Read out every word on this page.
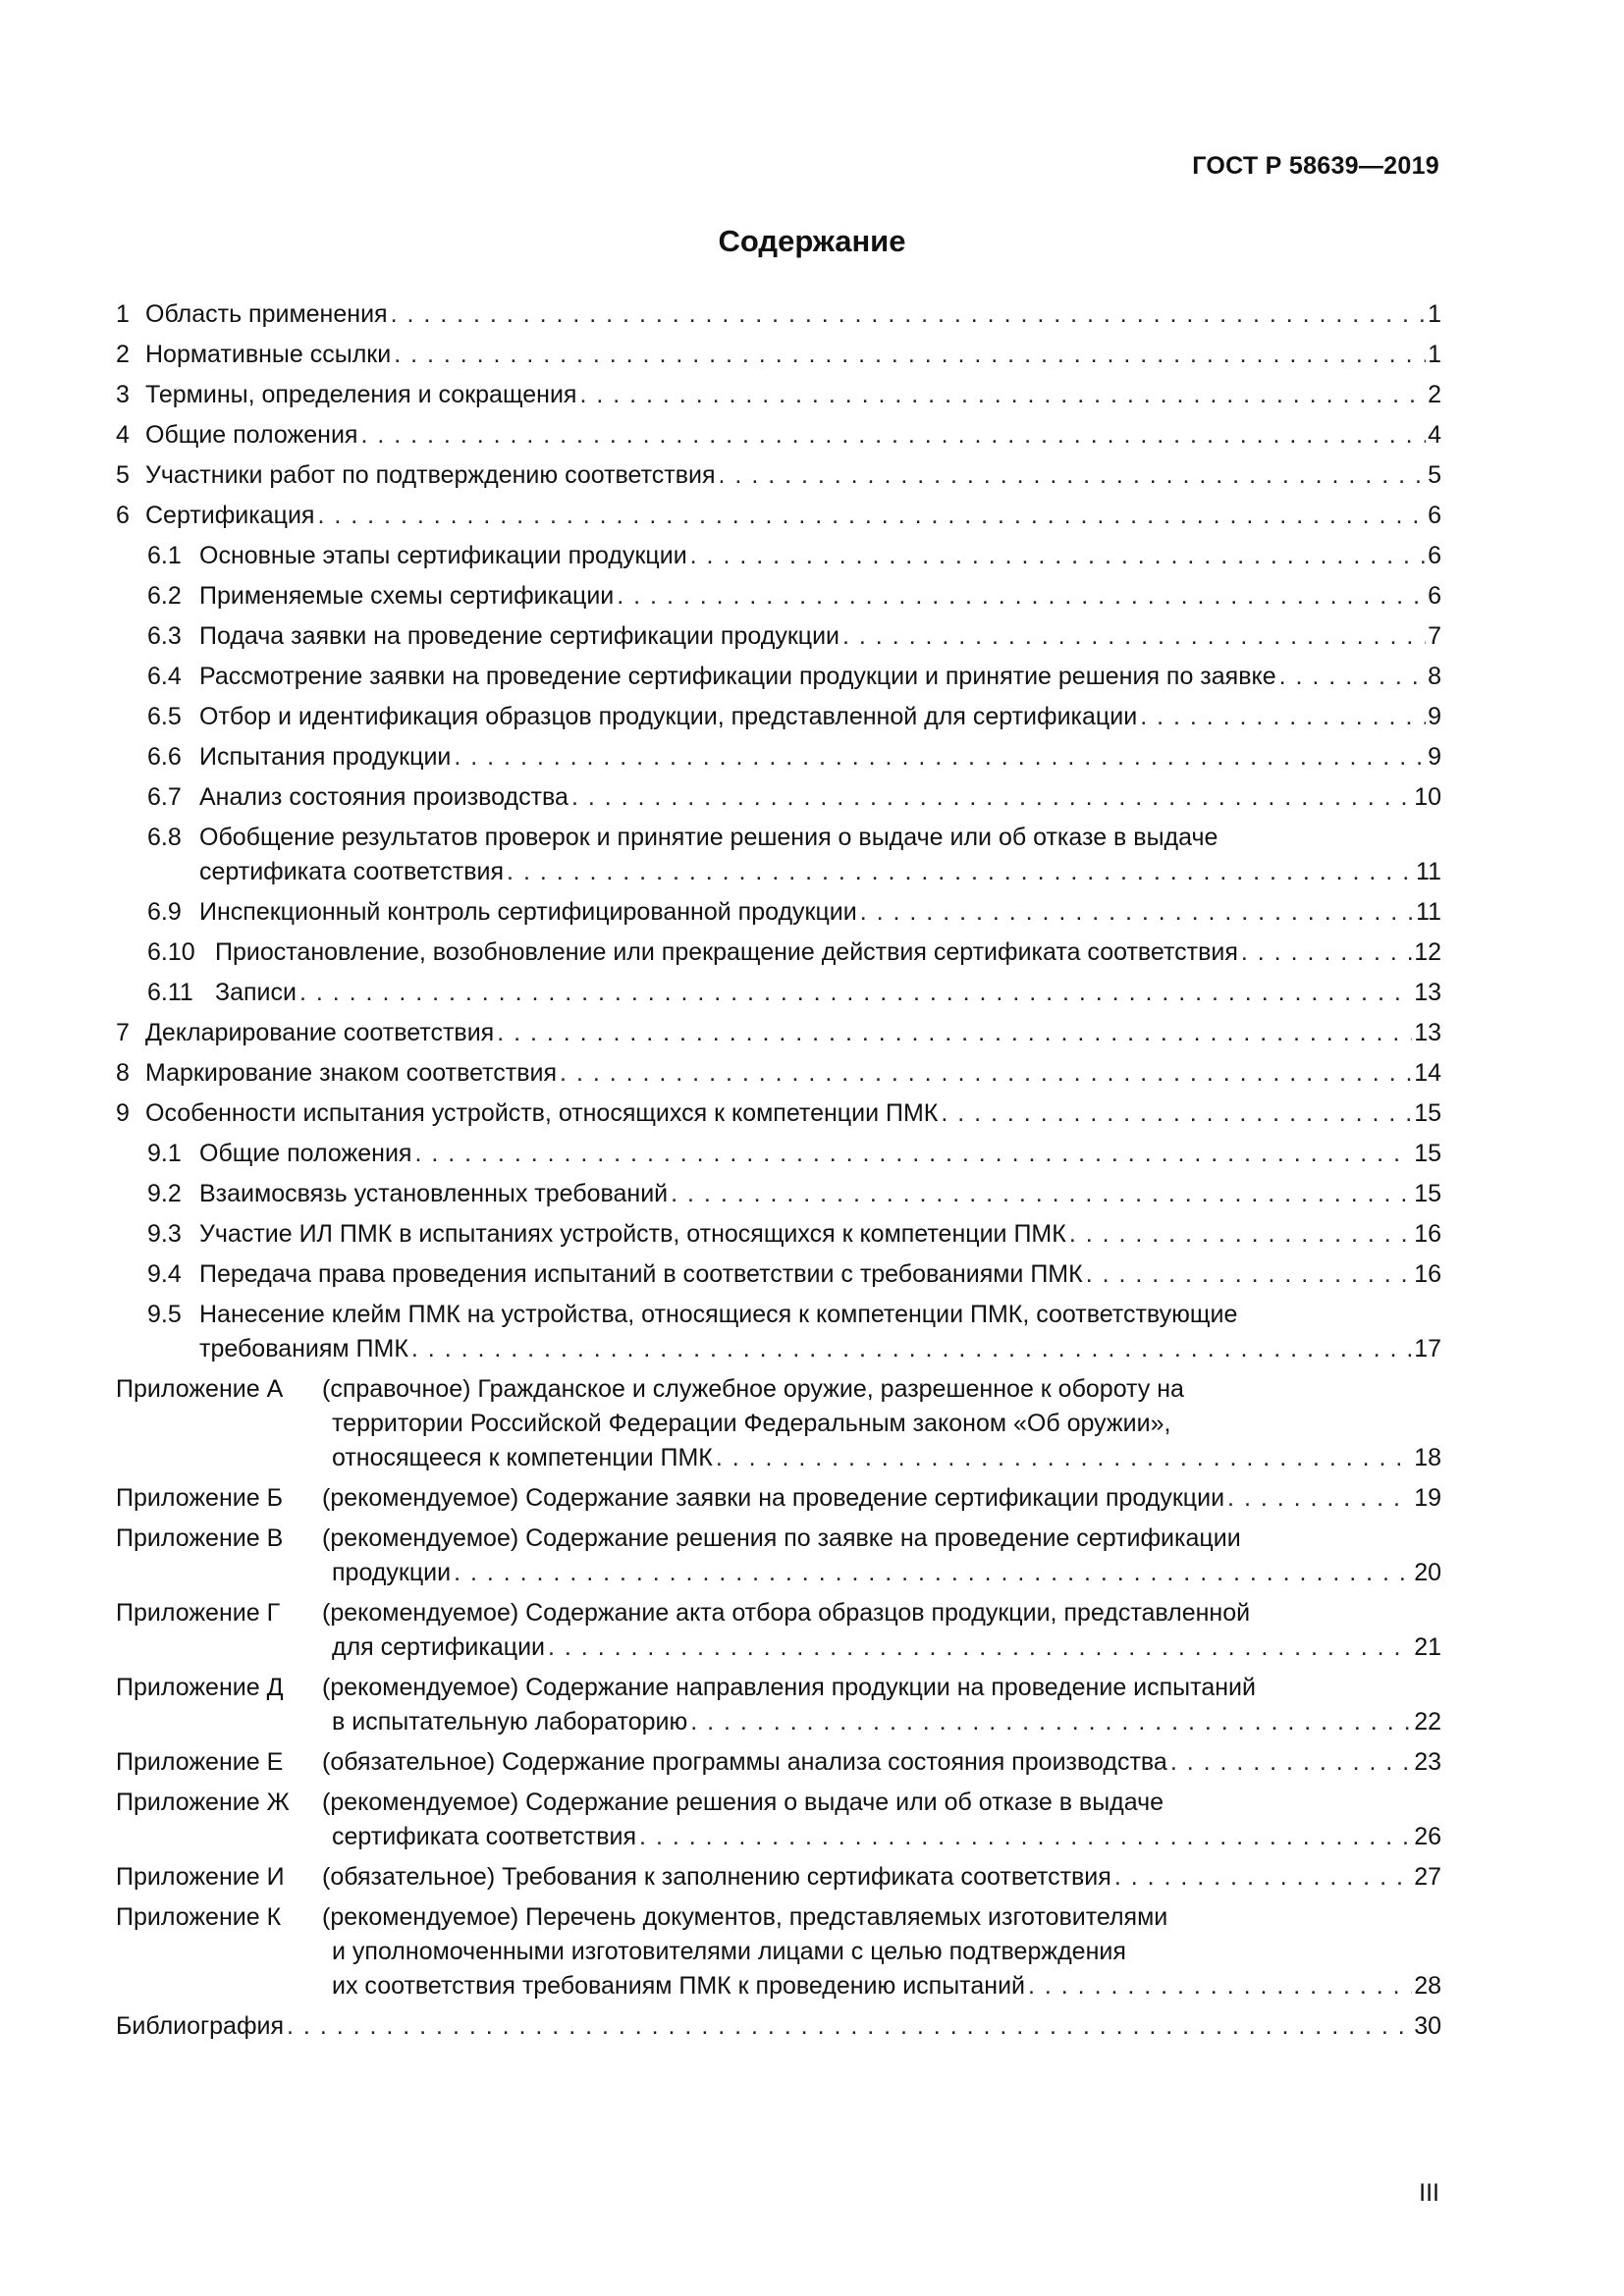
ГОСТ Р 58639—2019
Содержание
1 Область применения . . .	1
2 Нормативные ссылки . . .	1
3 Термины, определения и сокращения . . .	2
4 Общие положения . . .	4
5 Участники работ по подтверждению соответствия . . .	5
6 Сертификация . . .	6
6.1 Основные этапы сертификации продукции . . .	6
6.2 Применяемые схемы сертификации . . .	6
6.3 Подача заявки на проведение сертификации продукции . . .	7
6.4 Рассмотрение заявки на проведение сертификации продукции и принятие решения по заявке . . .	8
6.5 Отбор и идентификация образцов продукции, представленной для сертификации . . .	9
6.6 Испытания продукции . . .	9
6.7 Анализ состояния производства . . .	10
6.8 Обобщение результатов проверок и принятие решения о выдаче или об отказе в выдаче
сертификата соответствия . . .	11
6.9 Инспекционный контроль сертифицированной продукции . . .	11
6.10 Приостановление, возобновление или прекращение действия сертификата соответствия . . .	12
6.11 Записи . . .	13
7 Декларирование соответствия . . .	13
8 Маркирование знаком соответствия . . .	14
9 Особенности испытания устройств, относящихся к компетенции ПМК . . .	15
9.1 Общие положения . . .	15
9.2 Взаимосвязь установленных требований . . .	15
9.3 Участие ИЛ ПМК в испытаниях устройств, относящихся к компетенции ПМК . . .	16
9.4 Передача права проведения испытаний в соответствии с требованиями ПМК . . .	16
9.5 Нанесение клейм ПМК на устройства, относящиеся к компетенции ПМК, соответствующие
требованиям ПМК . . .	17
Приложение А	(справочное) Гражданское и служебное оружие, разрешенное к обороту на
территории Российской Федерации Федеральным законом «Об оружии»,
относящееся к компетенции ПМК . . .	18
Приложение Б	(рекомендуемое) Содержание заявки на проведение сертификации продукции . . .	19
Приложение В	(рекомендуемое) Содержание решения по заявке на проведение сертификации
продукции . . .	20
Приложение Г	(рекомендуемое) Содержание акта отбора образцов продукции, представленной
для сертификации . . .	21
Приложение Д	(рекомендуемое) Содержание направления продукции на проведение испытаний
в испытательную лабораторию . . .	22
Приложение Е	(обязательное) Содержание программы анализа состояния производства . . .	23
Приложение Ж	(рекомендуемое) Содержание решения о выдаче или об отказе в выдаче
сертификата соответствия . . .	26
Приложение И	(обязательное) Требования к заполнению сертификата соответствия . . .	27
Приложение К	(рекомендуемое) Перечень документов, представляемых изготовителями
и уполномоченными изготовителями лицами с целью подтверждения
их соответствия требованиям ПМК к проведению испытаний . . .	28
Библиография . . .	30
III
